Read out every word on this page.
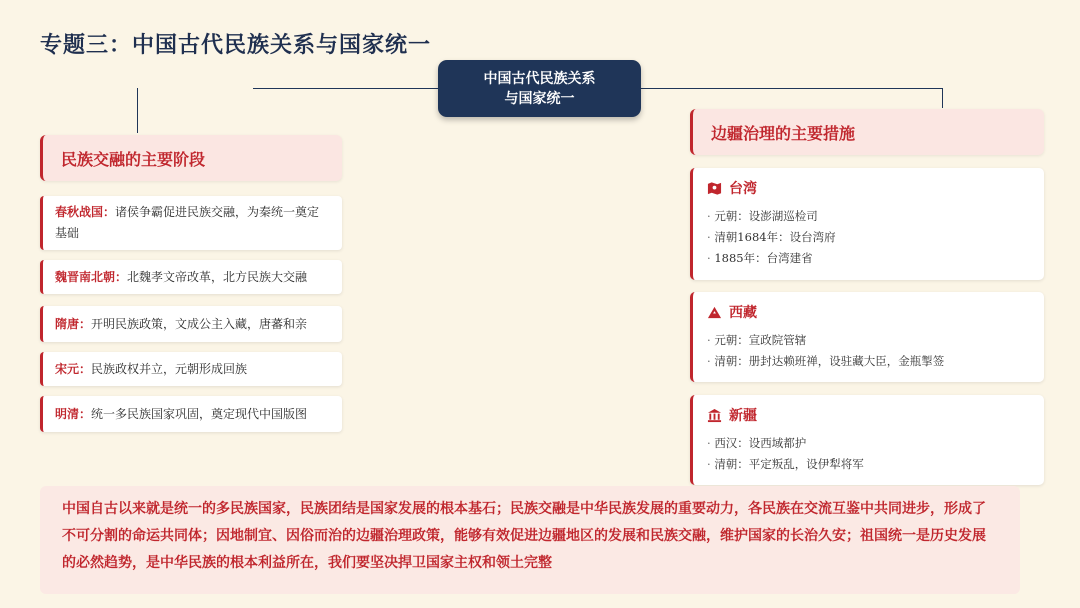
专题三：中国古代民族关系与国家统一
中国古代民族关系
与国家统一
民族交融的主要阶段
春秋战国：诸侯争霸促进民族交融，为秦统一奠定基础
魏晋南北朝：北魏孝文帝改革，北方民族大交融
隋唐：开明民族政策，文成公主入藏，唐蕃和亲
宋元：民族政权并立，元朝形成回族
明清：统一多民族国家巩固，奠定现代中国版图
边疆治理的主要措施
台湾
· 元朝：设澎湖巡检司
· 清朝1684年：设台湾府
· 1885年：台湾建省
西藏
· 元朝：宣政院管辖
· 清朝：册封达赖班禅，设驻藏大臣，金瓶掣签
新疆
· 西汉：设西域都护
· 清朝：平定叛乱，设伊犁将军
中国自古以来就是统一的多民族国家，民族团结是国家发展的根本基石；民族交融是中华民族发展的重要动力，各民族在交流互鉴中共同进步，形成了不可分割的命运共同体；因地制宜、因俗而治的边疆治理政策，能够有效促进边疆地区的发展和民族交融，维护国家的长治久安；祖国统一是历史发展的必然趋势，是中华民族的根本利益所在，我们要坚决捍卫国家主权和领土完整
